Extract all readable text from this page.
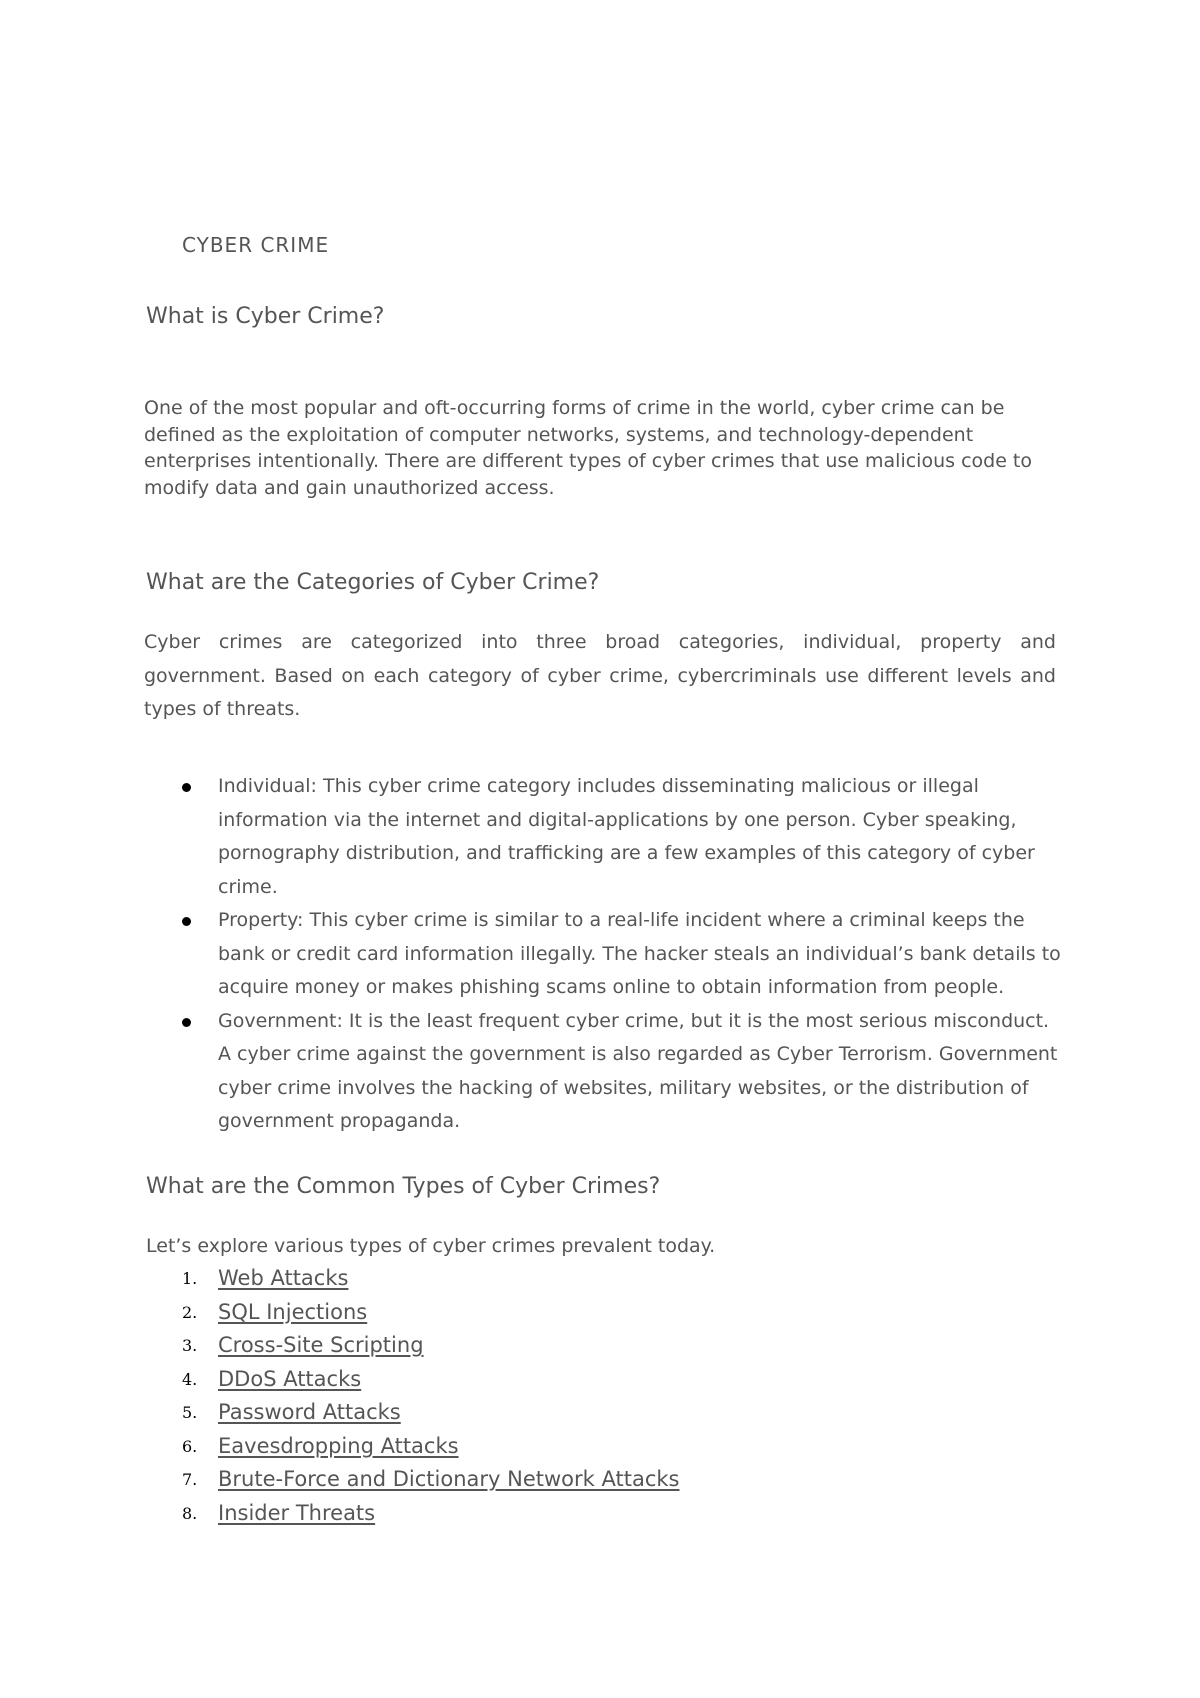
CYBER CRIME
What is Cyber Crime?
One of the most popular and oft-occurring forms of crime in the world, cyber crime can be defined as the exploitation of computer networks, systems, and technology-dependent enterprises intentionally. There are different types of cyber crimes that use malicious code to modify data and gain unauthorized access.
What are the Categories of Cyber Crime?
Cyber crimes are categorized into three broad categories, individual, property and government. Based on each category of cyber crime, cybercriminals use different levels and types of threats.
Individual: This cyber crime category includes disseminating malicious or illegal information via the internet and digital-applications by one person. Cyber speaking, pornography distribution, and trafficking are a few examples of this category of cyber crime.
Property: This cyber crime is similar to a real-life incident where a criminal keeps the bank or credit card information illegally. The hacker steals an individual’s bank details to acquire money or makes phishing scams online to obtain information from people.
Government: It is the least frequent cyber crime, but it is the most serious misconduct. A cyber crime against the government is also regarded as Cyber Terrorism. Government cyber crime involves the hacking of websites, military websites, or the distribution of government propaganda.
What are the Common Types of Cyber Crimes?
Let’s explore various types of cyber crimes prevalent today.
1. Web Attacks
2. SQL Injections
3. Cross-Site Scripting
4. DDoS Attacks
5. Password Attacks
6. Eavesdropping Attacks
7. Brute-Force and Dictionary Network Attacks
8. Insider Threats
